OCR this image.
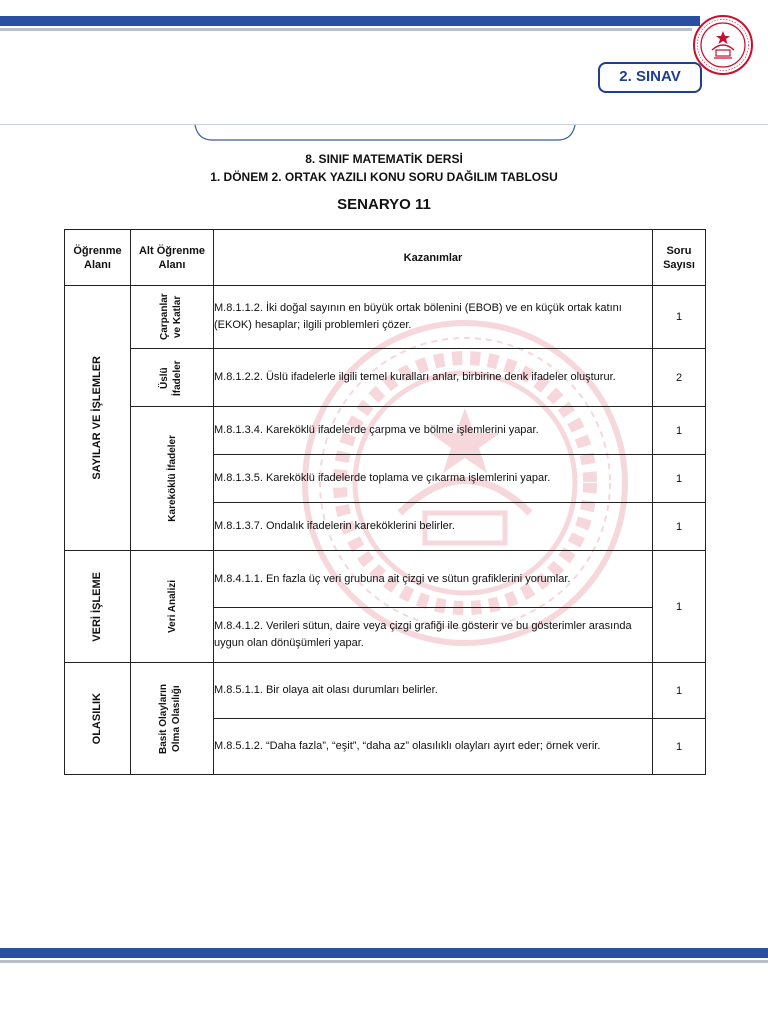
2. SINAV
8. SINIF MATEMATİK DERSİ
1. DÖNEM 2. ORTAK YAZILI KONU SORU DAĞILIM TABLOSU
SENARYO 11
Öğrenme Alanı	Alt Öğrenme Alanı	Kazanımlar	Soru Sayısı

SAYILAR VE İŞLEMLER	Çarpanlar ve Katlar	M.8.1.1.2. İki doğal sayının en büyük ortak bölenini (EBOB) ve en küçük ortak katını (EKOK) hesaplar; ilgili problemleri çözer.	1

	Üslü İfadeler	M.8.1.2.2. Üslü ifadelerle ilgili temel kuralları anlar, birbirine denk ifadeler oluşturur.	2

	Kareköklü İfadeler	M.8.1.3.4. Kareköklü ifadelerde çarpma ve bölme işlemlerini yapar.	1
		M.8.1.3.5. Kareköklü ifadelerde toplama ve çıkarma işlemlerini yapar.	1
		M.8.1.3.7. Ondalık ifadelerin kareköklerini belirler.	1

VERİ İŞLEME	Veri Analizi	M.8.4.1.1. En fazla üç veri grubuna ait çizgi ve sütun grafiklerini yorumlar.	1
		M.8.4.1.2. Verileri sütun, daire veya çizgi grafiği ile gösterir ve bu gösterimler arasında uygun olan dönüşümleri yapar.	

OLASILIK	Basit Olayların Olma Olasılığı	M.8.5.1.1. Bir olaya ait olası durumları belirler.	1
		M.8.5.1.2. “Daha fazla”, “eşit”, “daha az” olasılıklı olayları ayırt eder; örnek verir.	1
